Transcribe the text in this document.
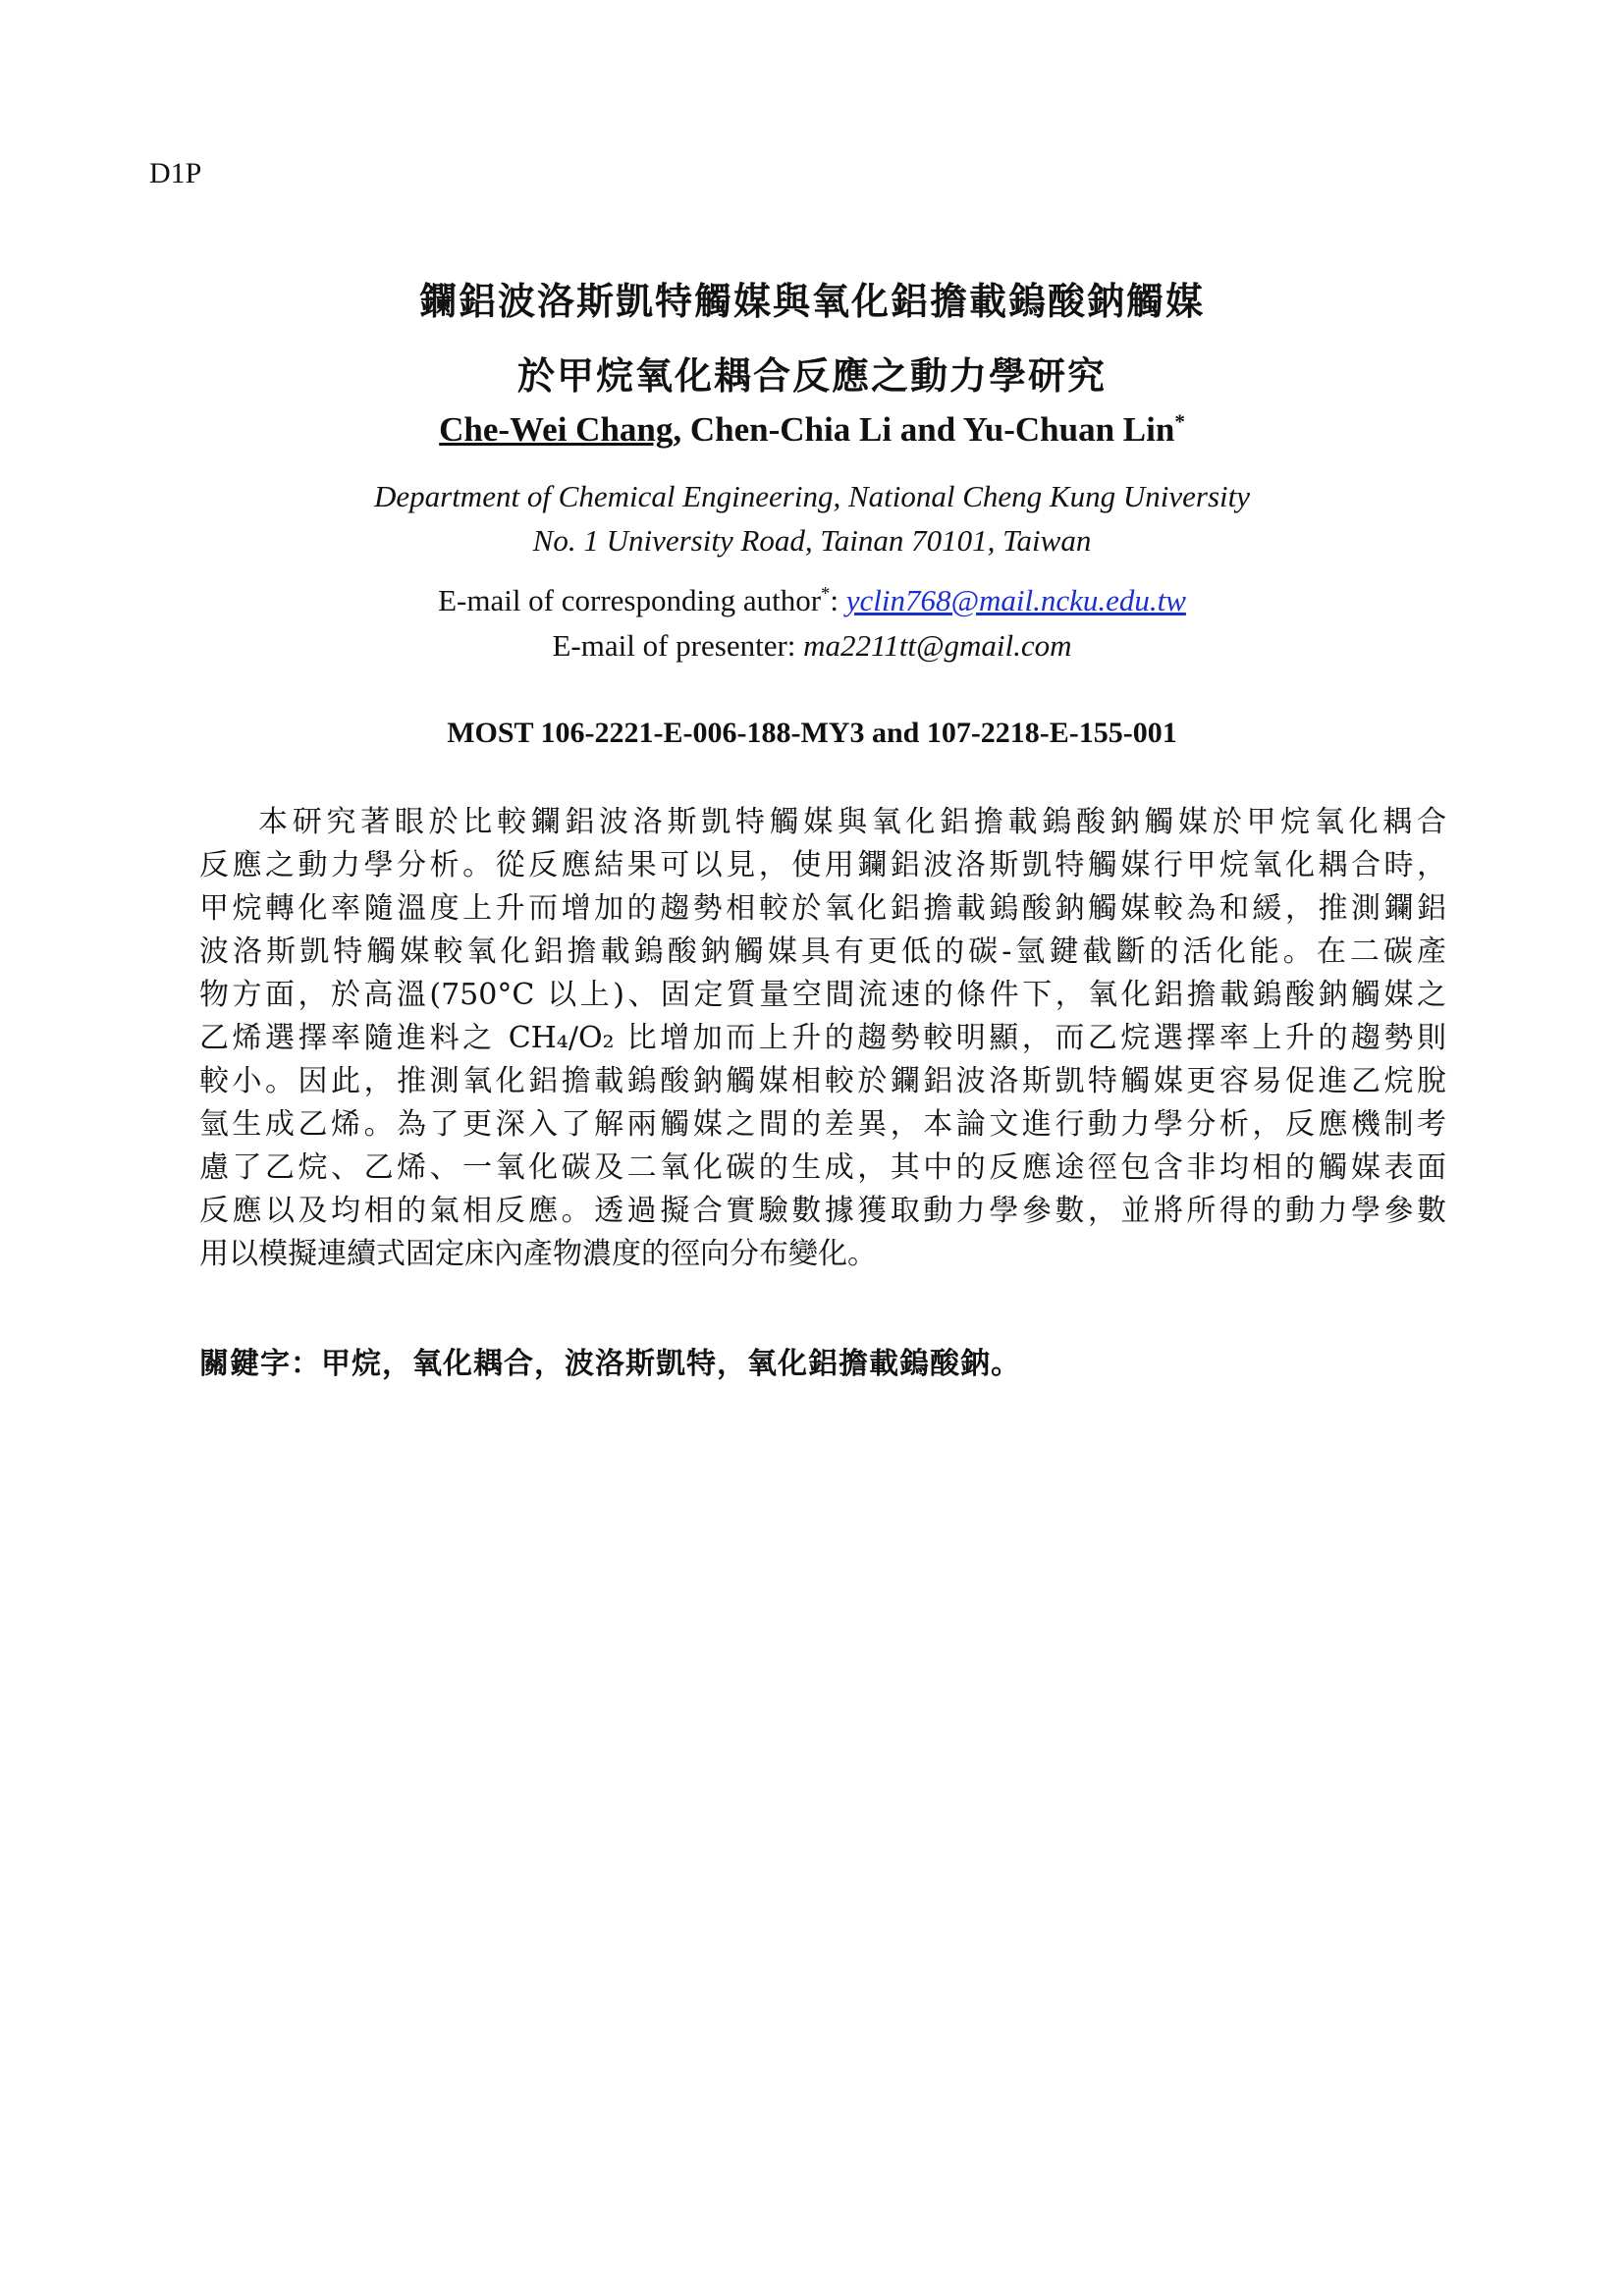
D1P
鑭鋁波洛斯凱特觸媒與氧化鋁擔載鎢酸鈉觸媒
於甲烷氧化耦合反應之動力學研究
Che-Wei Chang, Chen-Chia Li and Yu-Chuan Lin*
Department of Chemical Engineering, National Cheng Kung University
No. 1 University Road, Tainan 70101, Taiwan
E-mail of corresponding author*: yclin768@mail.ncku.edu.tw
E-mail of presenter: ma2211tt@gmail.com
MOST 106-2221-E-006-188-MY3 and 107-2218-E-155-001
本研究著眼於比較鑭鋁波洛斯凱特觸媒與氧化鋁擔載鎢酸鈉觸媒於甲烷氧化耦合
反應之動力學分析。從反應結果可以見，使用鑭鋁波洛斯凱特觸媒行甲烷氧化耦合時，
甲烷轉化率隨溫度上升而增加的趨勢相較於氧化鋁擔載鎢酸鈉觸媒較為和緩，推測鑭鋁
波洛斯凱特觸媒較氧化鋁擔載鎢酸鈉觸媒具有更低的碳-氫鍵截斷的活化能。在二碳產
物方面，於高溫(750°C 以上)、固定質量空間流速的條件下，氧化鋁擔載鎢酸鈉觸媒之
乙烯選擇率隨進料之 CH₄/O₂ 比增加而上升的趨勢較明顯，而乙烷選擇率上升的趨勢則
較小。因此，推測氧化鋁擔載鎢酸鈉觸媒相較於鑭鋁波洛斯凱特觸媒更容易促進乙烷脫
氫生成乙烯。為了更深入了解兩觸媒之間的差異，本論文進行動力學分析，反應機制考
慮了乙烷、乙烯、一氧化碳及二氧化碳的生成，其中的反應途徑包含非均相的觸媒表面
反應以及均相的氣相反應。透過擬合實驗數據獲取動力學參數，並將所得的動力學參數
用以模擬連續式固定床內產物濃度的徑向分布變化。
關鍵字：甲烷，氧化耦合，波洛斯凱特，氧化鋁擔載鎢酸鈉。
